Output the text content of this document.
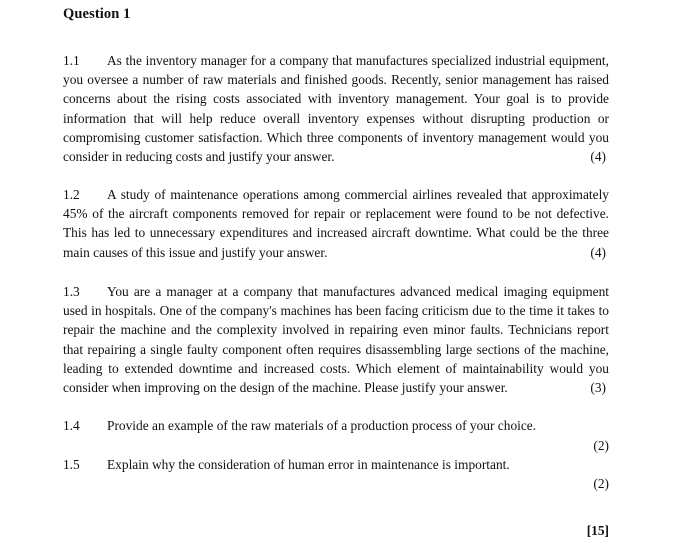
Question 1
1.1 As the inventory manager for a company that manufactures specialized industrial equipment, you oversee a number of raw materials and finished goods. Recently, senior management has raised concerns about the rising costs associated with inventory management. Your goal is to provide information that will help reduce overall inventory expenses without disrupting production or compromising customer satisfaction. Which three components of inventory management would you consider in reducing costs and justify your answer.	(4)
1.2 A study of maintenance operations among commercial airlines revealed that approximately 45% of the aircraft components removed for repair or replacement were found to be not defective. This has led to unnecessary expenditures and increased aircraft downtime. What could be the three main causes of this issue and justify your answer.	(4)
1.3 You are a manager at a company that manufactures advanced medical imaging equipment used in hospitals. One of the company's machines has been facing criticism due to the time it takes to repair the machine and the complexity involved in repairing even minor faults. Technicians report that repairing a single faulty component often requires disassembling large sections of the machine, leading to extended downtime and increased costs. Which element of maintainability would you consider when improving on the design of the machine. Please justify your answer.	(3)
1.4 Provide an example of the raw materials of a production process of your choice.
(2)
1.5 Explain why the consideration of human error in maintenance is important.
(2)
[15]
